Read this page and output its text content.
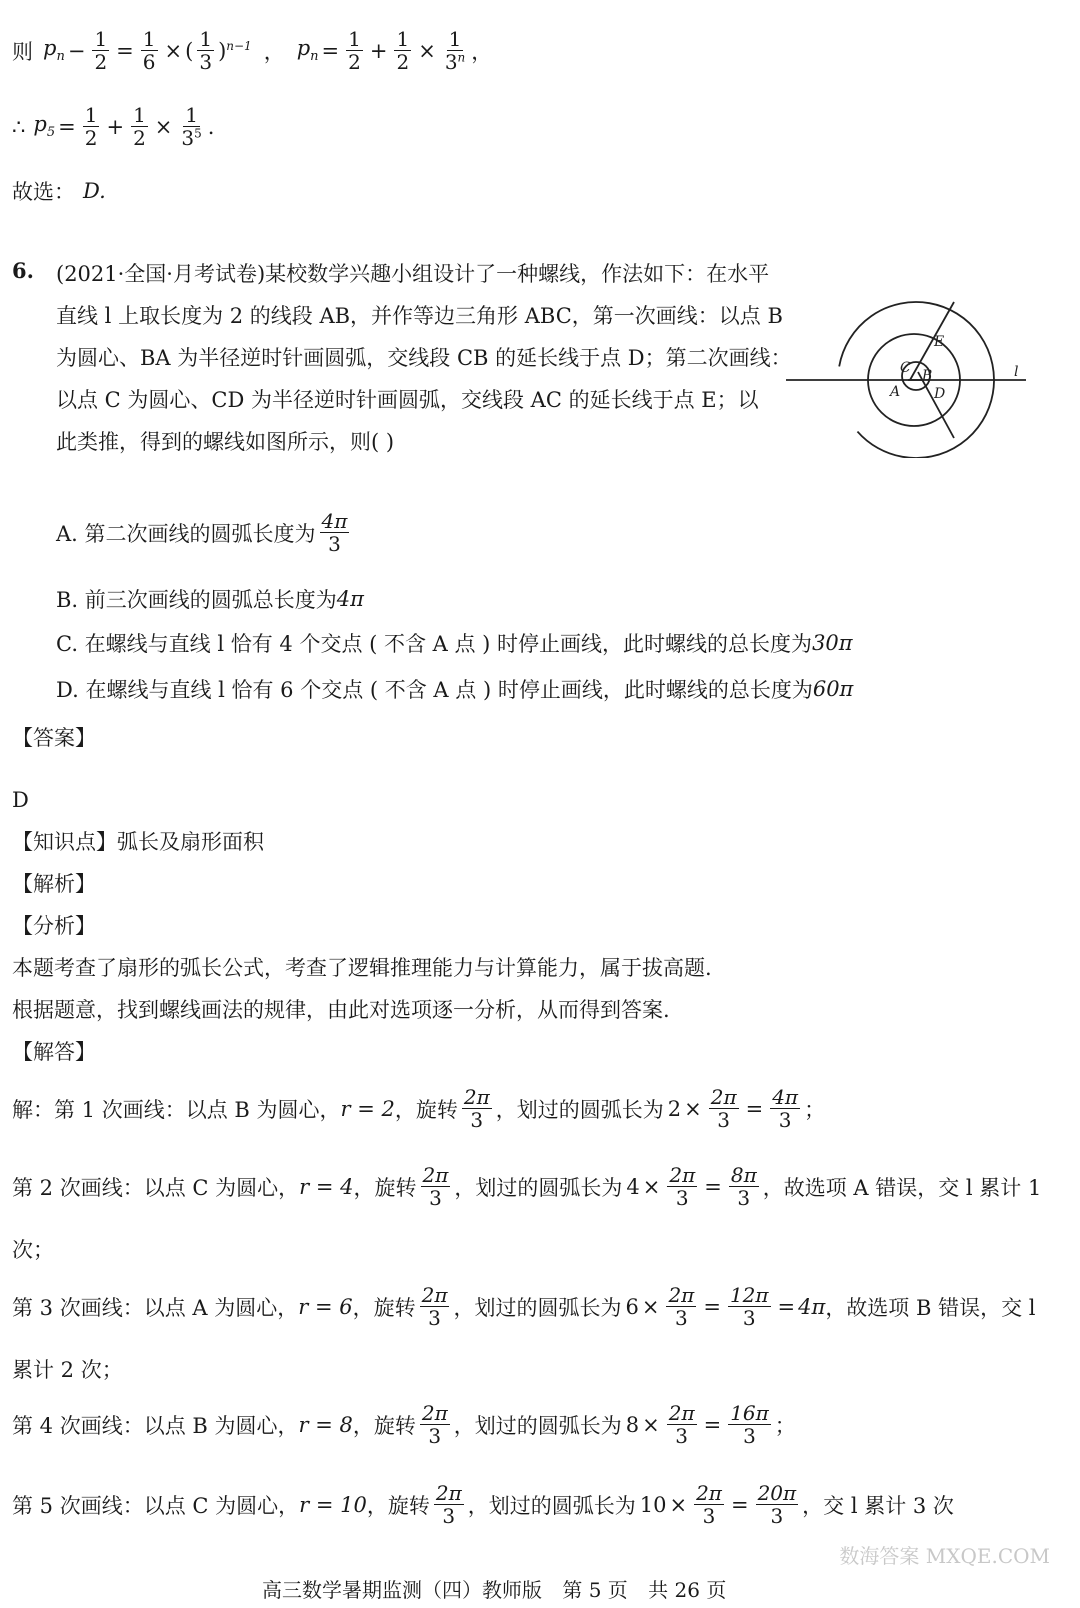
则 $p_n - \frac{1}{2} = \frac{1}{6}$ × ( $\frac{1}{3} )^{n-1}$ ， $p_n = \frac{1}{2} + \frac{1}{2} \times \frac{1}{3^n}$ ，
∴ $p_5 = \frac{1}{2} + \frac{1}{2} \times \frac{1}{3^5}$ .
故选： D.
6. (2021·全国·月考试卷)某校数学兴趣小组设计了一种螺线，作法如下：在水平
直线 l 上取长度为 2 的线段 AB，并作等边三角形 ABC，第一次画线：以点 B
为圆心、BA 为半径逆时针画圆弧，交线段 CB 的延长线于点 D；第二次画线：
以点 C 为圆心、CD 为半径逆时针画圆弧，交线段 AC 的延长线于点 E；以
此类推，得到的螺线如图所示，则( )
E
C B
A D
l
A. 第二次画线的圆弧长度为 $\frac{4\pi}{3}$
B. 前三次画线的圆弧总长度为 4π
C. 在螺线与直线 l 恰有 4 个交点 ( 不含 A 点 ) 时停止画线，此时螺线的总长度为 30π
D. 在螺线与直线 l 恰有 6 个交点 ( 不含 A 点 ) 时停止画线，此时螺线的总长度为 60π
【答案】
D
【知识点】 弧长及扇形面积
【解析】
【分析】
本题考查了扇形的弧长公式，考查了逻辑推理能力与计算能力，属于拔高题.
根据题意，找到螺线画法的规律，由此对选项逐一分析，从而得到答案.
【解答】
解：第 1 次画线：以点 B 为圆心， r = 2 ，旋转 $\frac{2\pi}{3}$ ，划过的圆弧长为 $2 \times \frac{2\pi}{3} = \frac{4\pi}{3}$ ；
第 2 次画线：以点 C 为圆心， r = 4 ，旋转 $\frac{2\pi}{3}$ ，划过的圆弧长为 $4 \times \frac{2\pi}{3} = \frac{8\pi}{3}$ ，故选项 A 错误，交 l 累计 1
次；
第 3 次画线：以点 A 为圆心， r = 6 ，旋转 $\frac{2\pi}{3}$ ，划过的圆弧长为 $6 \times \frac{2\pi}{3} = \frac{12\pi}{3} = 4\pi$ ，故选项 B 错误，交 l
累计 2 次；
第 4 次画线：以点 B 为圆心， r = 8 ，旋转 $\frac{2\pi}{3}$ ，划过的圆弧长为 $8 \times \frac{2\pi}{3} = \frac{16\pi}{3}$ ；
第 5 次画线：以点 C 为圆心， r = 10 ，旋转 $\frac{2\pi}{3}$ ，划过的圆弧长为 $10 \times \frac{2\pi}{3} = \frac{20\pi}{3}$ ，交 l 累计 3 次
数海答案 MXQE.COM
高三数学暑期监测（四）教师版 第 5 页 共 26 页
